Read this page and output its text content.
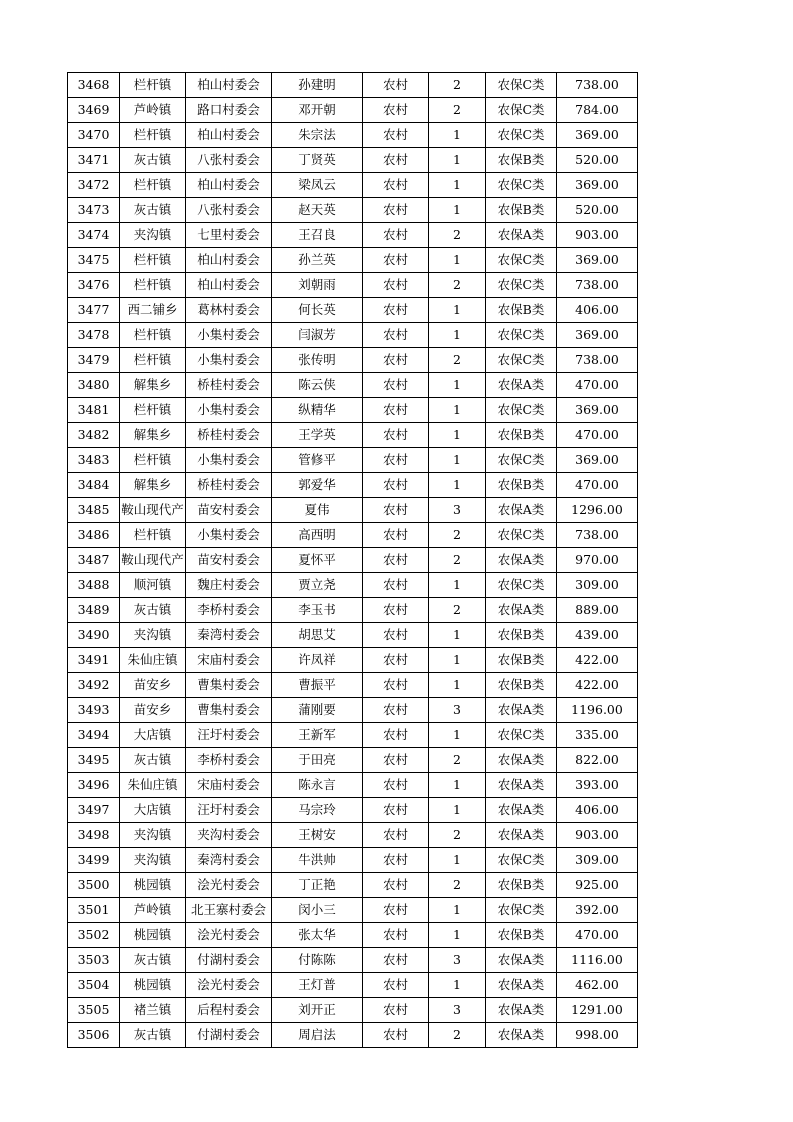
3468	栏杆镇	柏山村委会	孙建明	农村	2	农保C类	738.00
3469	芦岭镇	路口村委会	邓开朝	农村	2	农保C类	784.00
3470	栏杆镇	柏山村委会	朱宗法	农村	1	农保C类	369.00
3471	灰古镇	八张村委会	丁贤英	农村	1	农保B类	520.00
3472	栏杆镇	柏山村委会	梁凤云	农村	1	农保C类	369.00
3473	灰古镇	八张村委会	赵天英	农村	1	农保B类	520.00
3474	夹沟镇	七里村委会	王召良	农村	2	农保A类	903.00
3475	栏杆镇	柏山村委会	孙兰英	农村	1	农保C类	369.00
3476	栏杆镇	柏山村委会	刘朝雨	农村	2	农保C类	738.00
3477	西二铺乡	葛林村委会	何长英	农村	1	农保B类	406.00
3478	栏杆镇	小集村委会	闫淑芳	农村	1	农保C类	369.00
3479	栏杆镇	小集村委会	张传明	农村	2	农保C类	738.00
3480	解集乡	桥桂村委会	陈云侠	农村	1	农保A类	470.00
3481	栏杆镇	小集村委会	纵精华	农村	1	农保C类	369.00
3482	解集乡	桥桂村委会	王学英	农村	1	农保B类	470.00
3483	栏杆镇	小集村委会	管修平	农村	1	农保C类	369.00
3484	解集乡	桥桂村委会	郭爱华	农村	1	农保B类	470.00
3485	鞍山现代产	苗安村委会	夏伟	农村	3	农保A类	1296.00
3486	栏杆镇	小集村委会	高西明	农村	2	农保C类	738.00
3487	鞍山现代产	苗安村委会	夏怀平	农村	2	农保A类	970.00
3488	顺河镇	魏庄村委会	贾立尧	农村	1	农保C类	309.00
3489	灰古镇	李桥村委会	李玉书	农村	2	农保A类	889.00
3490	夹沟镇	秦湾村委会	胡思艾	农村	1	农保B类	439.00
3491	朱仙庄镇	宋庙村委会	许凤祥	农村	1	农保B类	422.00
3492	苗安乡	曹集村委会	曹振平	农村	1	农保B类	422.00
3493	苗安乡	曹集村委会	蒲刚要	农村	3	农保A类	1196.00
3494	大店镇	汪圩村委会	王新军	农村	1	农保C类	335.00
3495	灰古镇	李桥村委会	于田亮	农村	2	农保A类	822.00
3496	朱仙庄镇	宋庙村委会	陈永言	农村	1	农保A类	393.00
3497	大店镇	汪圩村委会	马宗玲	农村	1	农保A类	406.00
3498	夹沟镇	夹沟村委会	王树安	农村	2	农保A类	903.00
3499	夹沟镇	秦湾村委会	牛洪帅	农村	1	农保C类	309.00
3500	桃园镇	浍光村委会	丁正艳	农村	2	农保B类	925.00
3501	芦岭镇	北王寨村委会	闵小三	农村	1	农保C类	392.00
3502	桃园镇	浍光村委会	张太华	农村	1	农保B类	470.00
3503	灰古镇	付湖村委会	付陈陈	农村	3	农保A类	1116.00
3504	桃园镇	浍光村委会	王灯普	农村	1	农保A类	462.00
3505	褚兰镇	后程村委会	刘开正	农村	3	农保A类	1291.00
3506	灰古镇	付湖村委会	周启法	农村	2	农保A类	998.00
